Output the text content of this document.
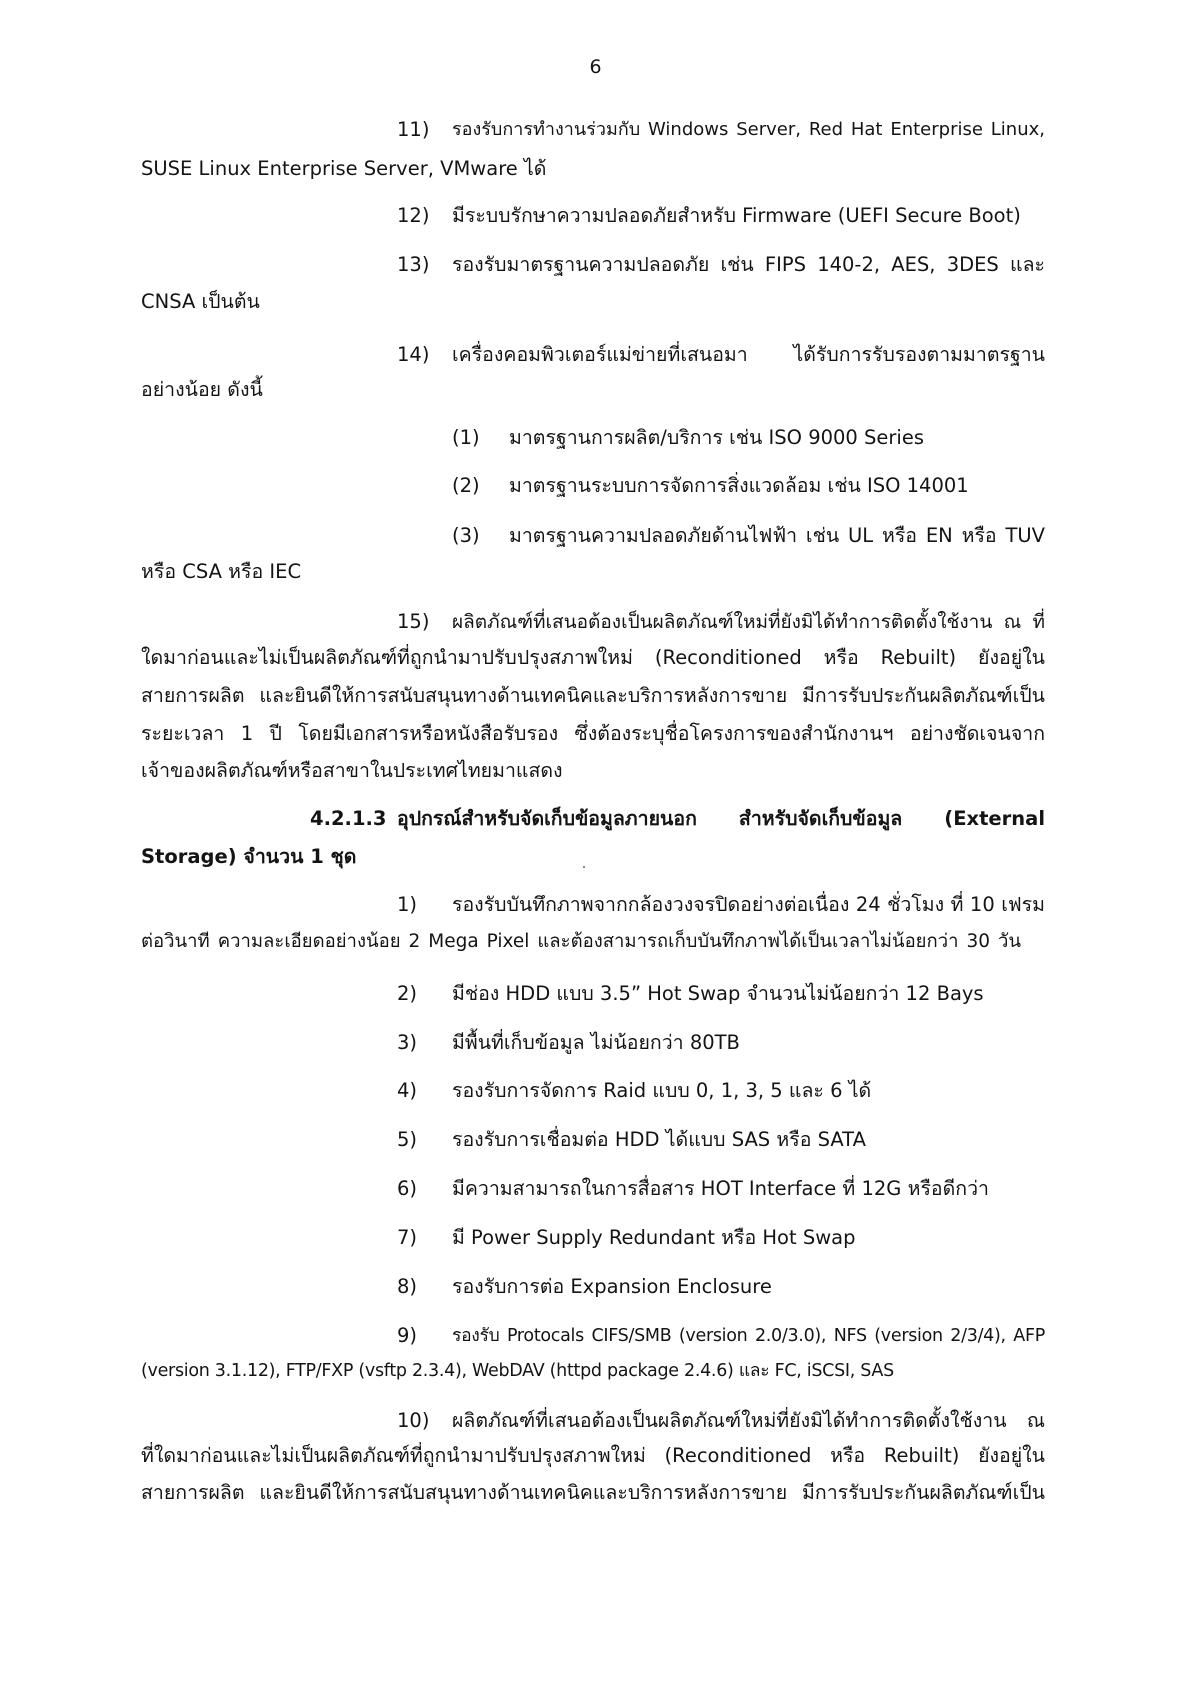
6
11) รองรับการทำงานร่วมกับ Windows Server, Red Hat Enterprise Linux,
SUSE Linux Enterprise Server, VMware ได้
12) มีระบบรักษาความปลอดภัยสำหรับ Firmware (UEFI Secure Boot)
13) รองรับมาตรฐานความปลอดภัย เช่น FIPS 140-2, AES, 3DES และ
CNSA เป็นต้น
14) เครื่องคอมพิวเตอร์แม่ข่ายที่เสนอมา ได้รับการรับรองตามมาตรฐาน
อย่างน้อย ดังนี้
(1) มาตรฐานการผลิต/บริการ เช่น ISO 9000 Series
(2) มาตรฐานระบบการจัดการสิ่งแวดล้อม เช่น ISO 14001
(3) มาตรฐานความปลอดภัยด้านไฟฟ้า เช่น UL หรือ EN หรือ TUV
หรือ CSA หรือ IEC
15) ผลิตภัณฑ์ที่เสนอต้องเป็นผลิตภัณฑ์ใหม่ที่ยังมิได้ทำการติดตั้งใช้งาน ณ ที่
ใดมาก่อนและไม่เป็นผลิตภัณฑ์ที่ถูกนำมาปรับปรุงสภาพใหม่ (Reconditioned หรือ Rebuilt) ยังอยู่ใน
สายการผลิต และยินดีให้การสนับสนุนทางด้านเทคนิคและบริการหลังการขาย มีการรับประกันผลิตภัณฑ์เป็น
ระยะเวลา 1 ปี โดยมีเอกสารหรือหนังสือรับรอง ซึ่งต้องระบุชื่อโครงการของสำนักงานฯ อย่างชัดเจนจาก
เจ้าของผลิตภัณฑ์หรือสาขาในประเทศไทยมาแสดง
4.2.1.3 อุปกรณ์สำหรับจัดเก็บข้อมูลภายนอก สำหรับจัดเก็บข้อมูล (External
Storage) จำนวน 1 ชุด
1) รองรับบันทึกภาพจากกล้องวงจรปิดอย่างต่อเนื่อง 24 ชั่วโมง ที่ 10 เฟรม
ต่อวินาที ความละเอียดอย่างน้อย 2 Mega Pixel และต้องสามารถเก็บบันทึกภาพได้เป็นเวลาไม่น้อยกว่า 30 วัน
2) มีช่อง HDD แบบ 3.5” Hot Swap จำนวนไม่น้อยกว่า 12 Bays
3) มีพื้นที่เก็บข้อมูล ไม่น้อยกว่า 80TB
4) รองรับการจัดการ Raid แบบ 0, 1, 3, 5 และ 6 ได้
5) รองรับการเชื่อมต่อ HDD ได้แบบ SAS หรือ SATA
6) มีความสามารถในการสื่อสาร HOT Interface ที่ 12G หรือดีกว่า
7) มี Power Supply Redundant หรือ Hot Swap
8) รองรับการต่อ Expansion Enclosure
9) รองรับ Protocals CIFS/SMB (version 2.0/3.0), NFS (version 2/3/4), AFP
(version 3.1.12), FTP/FXP (vsftp 2.3.4), WebDAV (httpd package 2.4.6) และ FC, iSCSI, SAS
10) ผลิตภัณฑ์ที่เสนอต้องเป็นผลิตภัณฑ์ใหม่ที่ยังมิได้ทำการติดตั้งใช้งาน ณ
ที่ใดมาก่อนและไม่เป็นผลิตภัณฑ์ที่ถูกนำมาปรับปรุงสภาพใหม่ (Reconditioned หรือ Rebuilt) ยังอยู่ใน
สายการผลิต และยินดีให้การสนับสนุนทางด้านเทคนิคและบริการหลังการขาย มีการรับประกันผลิตภัณฑ์เป็น
